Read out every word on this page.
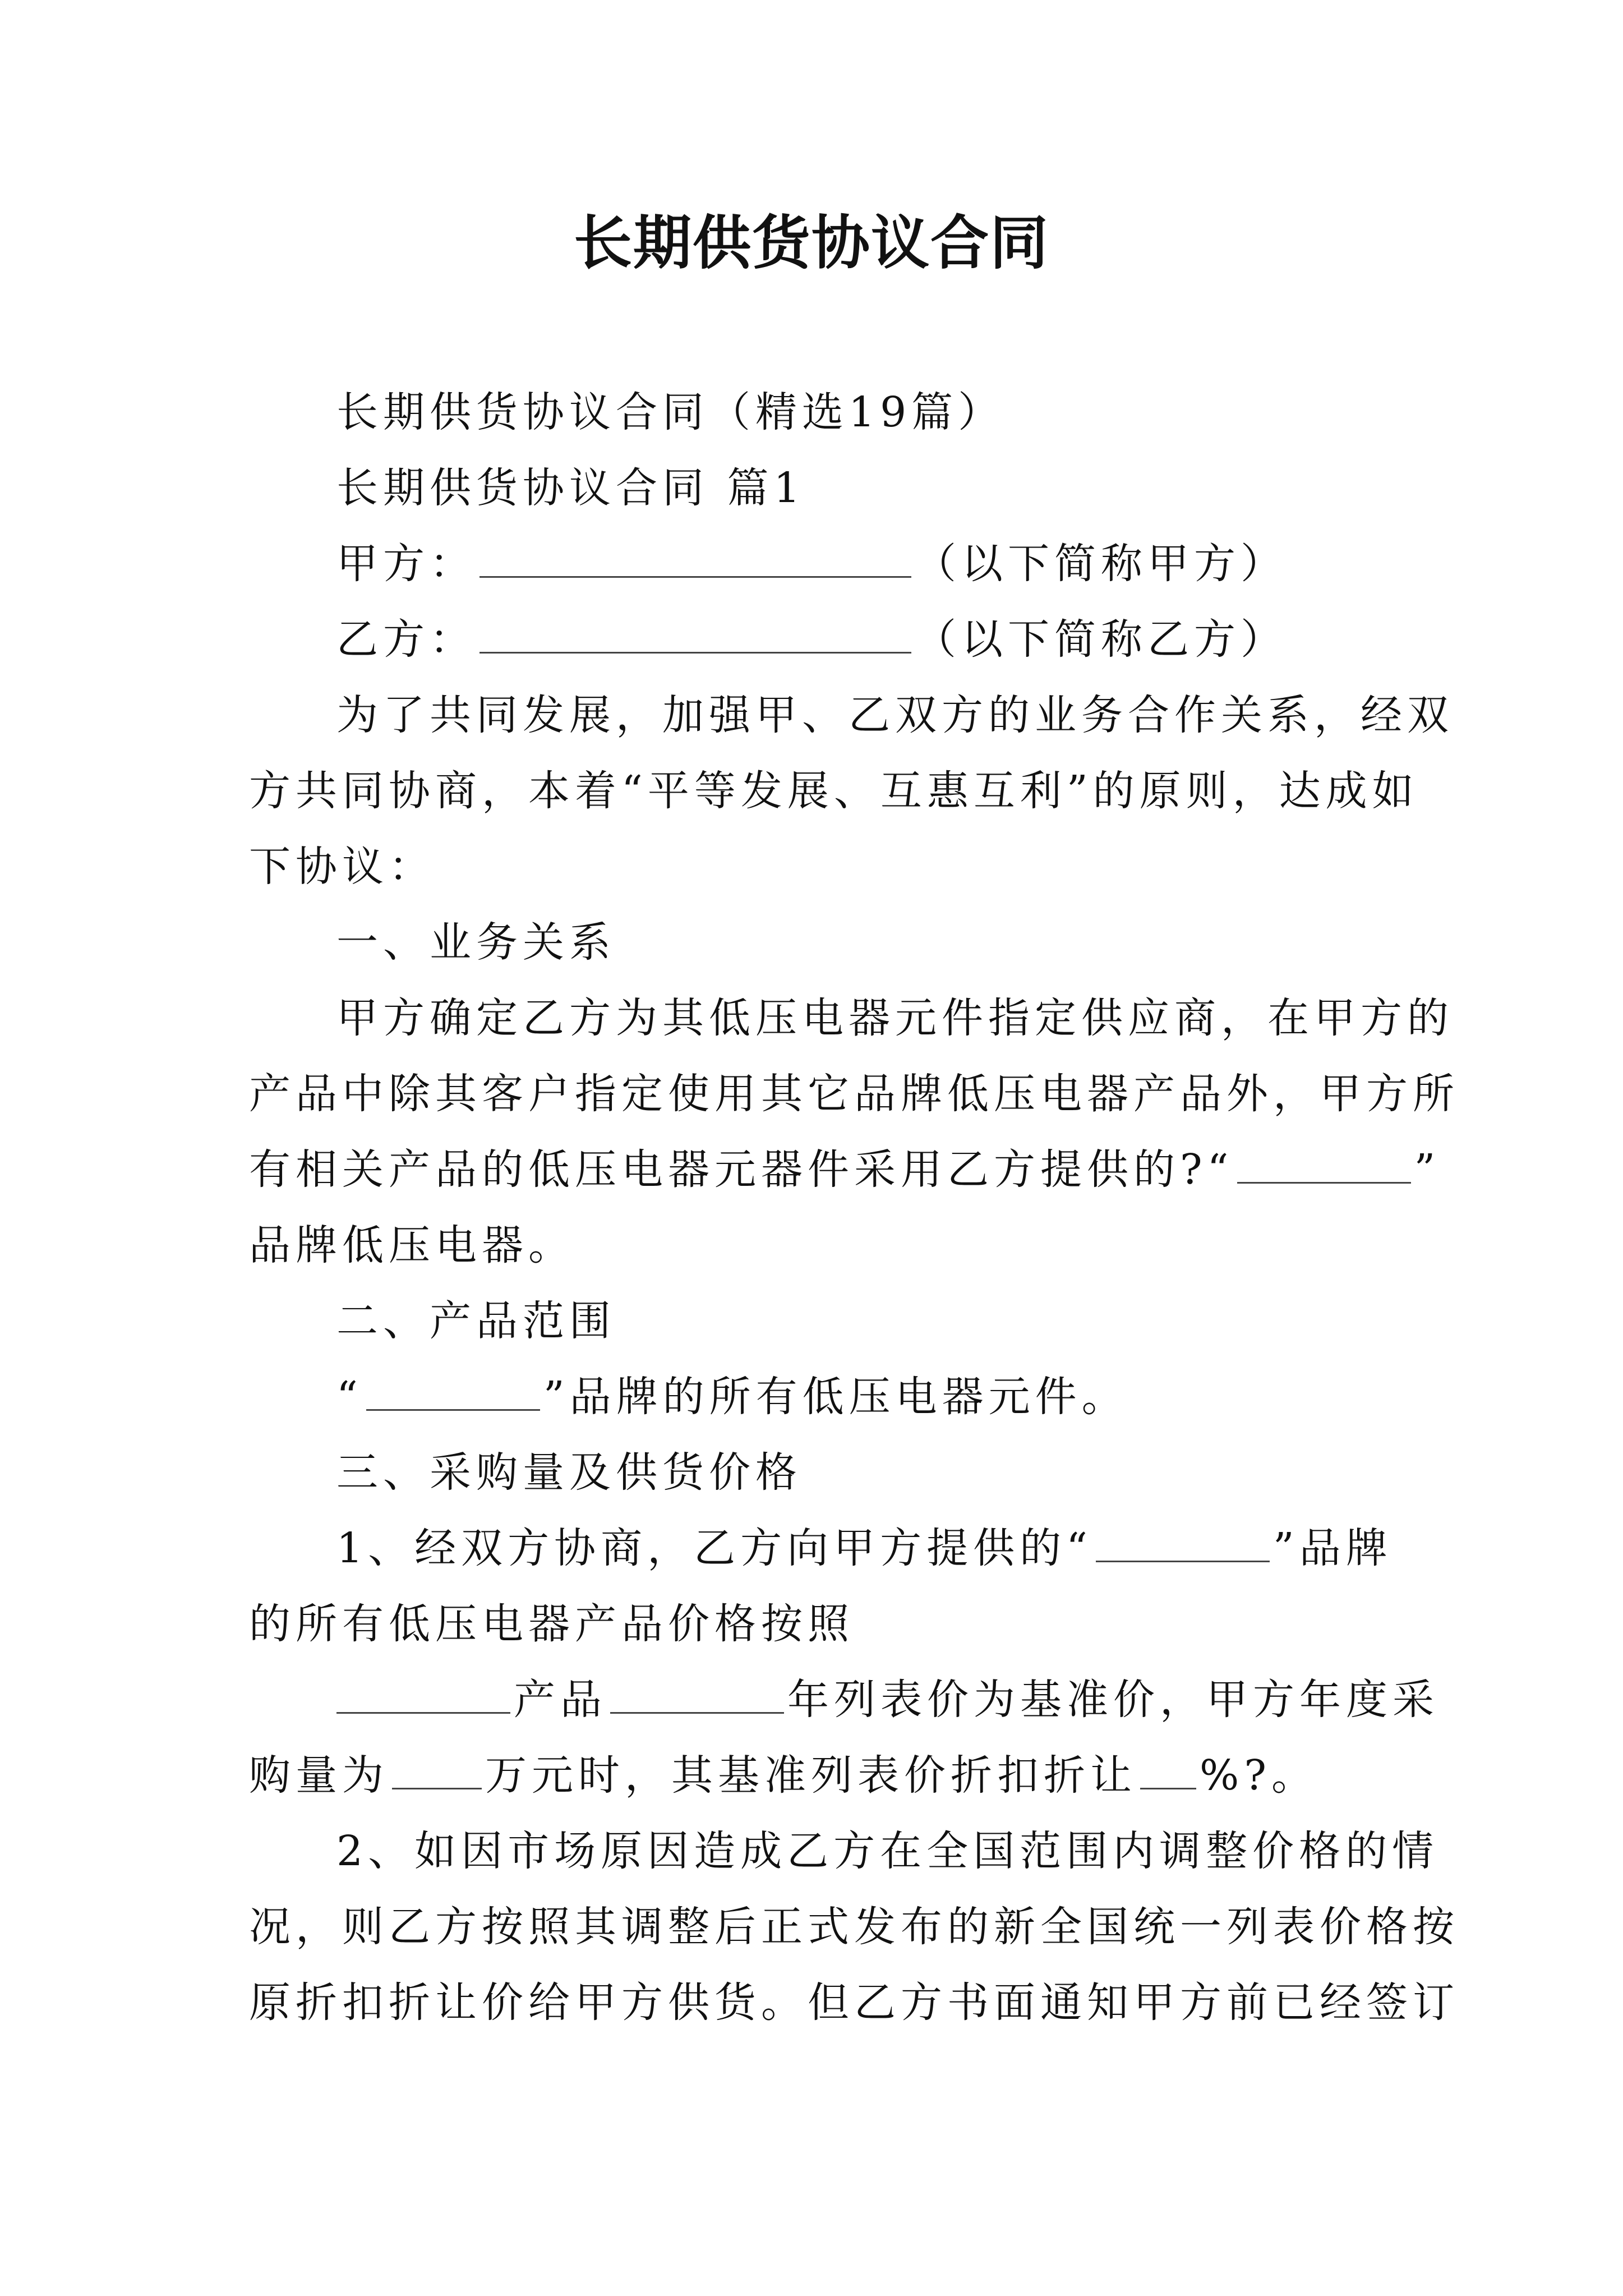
长期供货协议合同
长期供货协议合同（精选19篇）
长期供货协议合同 篇1
甲方：	（以下简称甲方）
乙方：	（以下简称乙方）
为了共同发展，加强甲、乙双方的业务合作关系，经双
方共同协商，本着“平等发展、互惠互利”的原则，达成如
下协议：
一、业务关系
甲方确定乙方为其低压电器元件指定供应商，在甲方的
产品中除其客户指定使用其它品牌低压电器产品外，甲方所
有相关产品的低压电器元器件采用乙方提供的?“	”
品牌低压电器。
二、产品范围
“	”品牌的所有低压电器元件。
三、采购量及供货价格
1、经双方协商，乙方向甲方提供的“	”品牌
的所有低压电器产品价格按照
产品	年列表价为基准价，甲方年度采
购量为 万元时，其基准列表价折扣折让 %?。
2、如因市场原因造成乙方在全国范围内调整价格的情
况，则乙方按照其调整后正式发布的新全国统一列表价格按
原折扣折让价给甲方供货。但乙方书面通知甲方前已经签订
